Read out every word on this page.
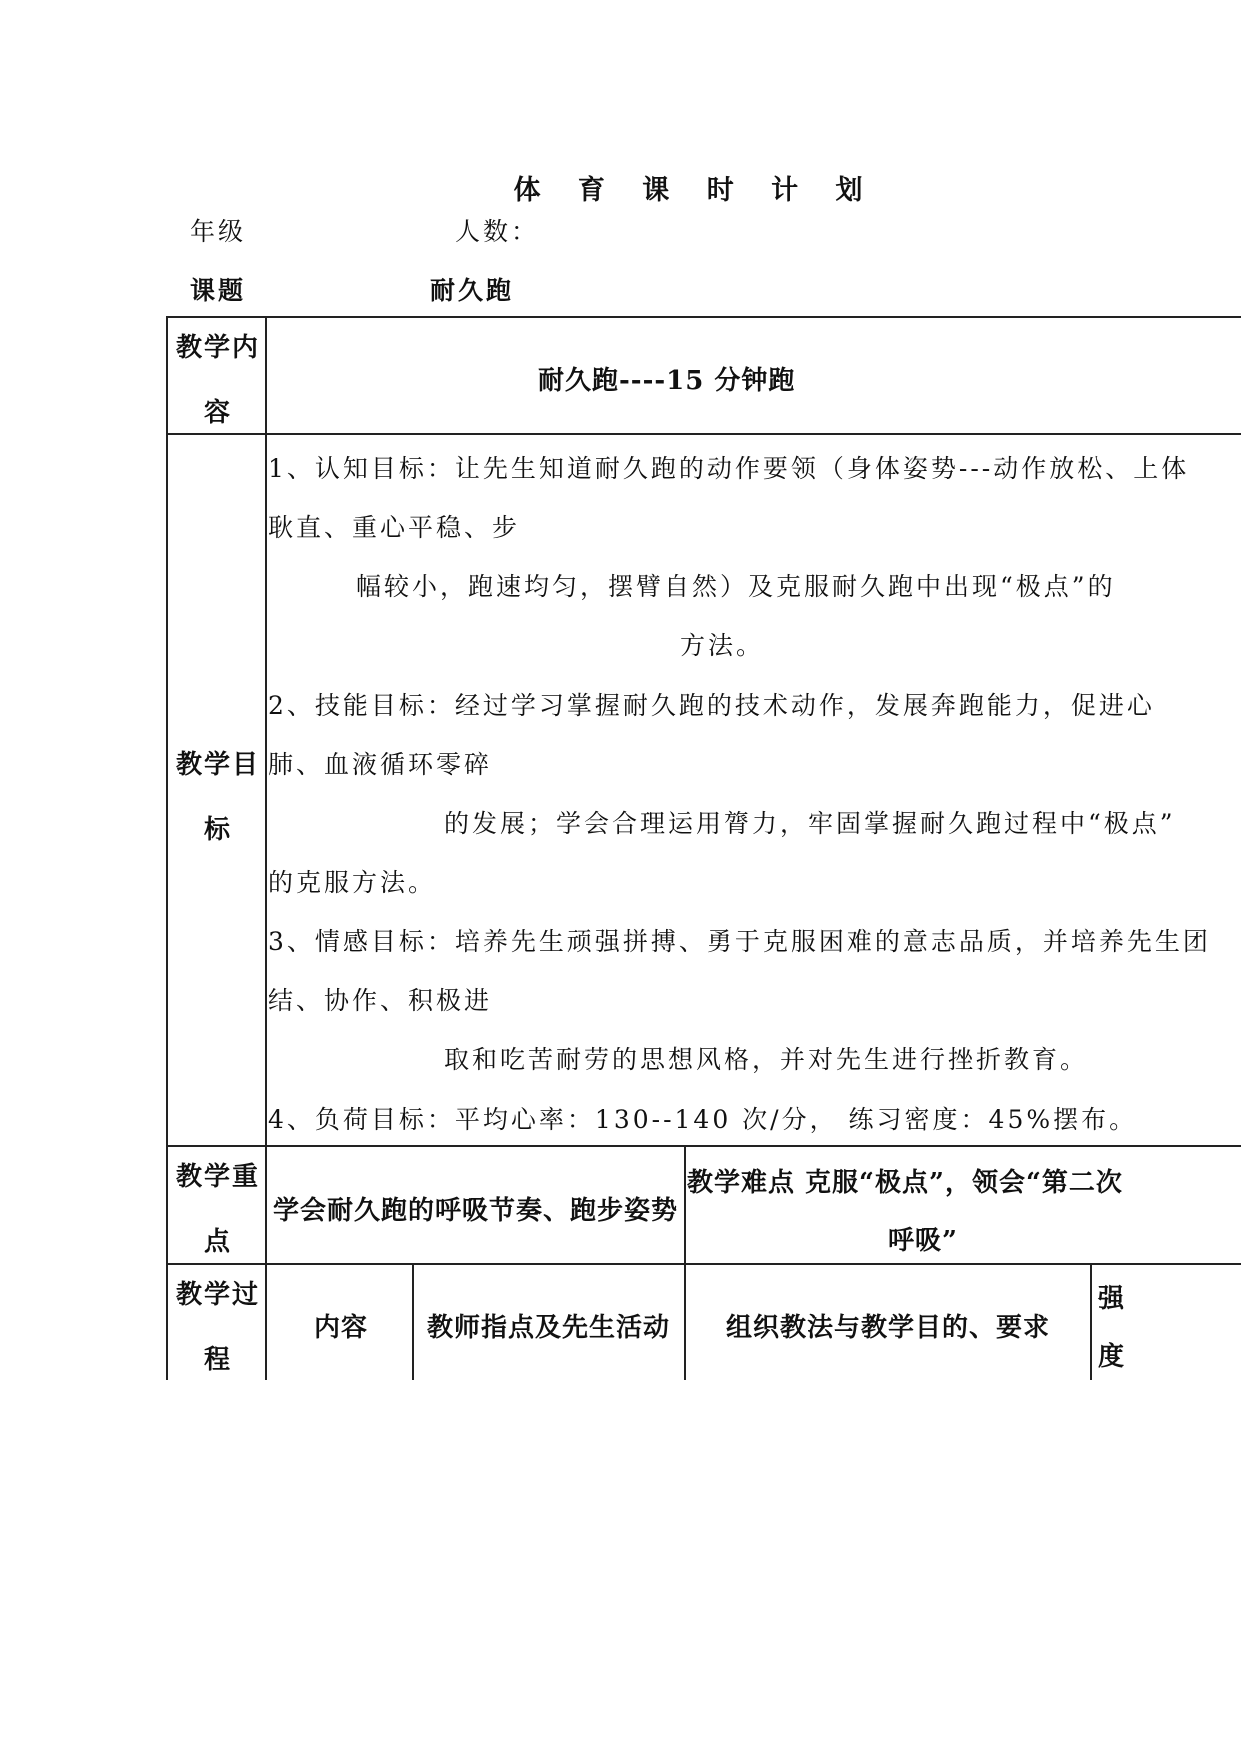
体 育 课 时 计 划
年级	人数：
课题	耐久跑
教学内
容
耐久跑----15 分钟跑
教学目
标
1、认知目标：让先生知道耐久跑的动作要领（身体姿势---动作放松、上体
耿直、重心平稳、步
幅较小，跑速均匀，摆臂自然）及克服耐久跑中出现“极点”的
方法。
2、技能目标：经过学习掌握耐久跑的技术动作，发展奔跑能力，促进心
肺、血液循环零碎
的发展；学会合理运用膂力，牢固掌握耐久跑过程中“极点”
的克服方法。
3、情感目标：培养先生顽强拼搏、勇于克服困难的意志品质，并培养先生团
结、协作、积极进
取和吃苦耐劳的思想风格，并对先生进行挫折教育。
4、负荷目标：平均心率：130--140 次/分， 练习密度：45%摆布。
教学重
点
学会耐久跑的呼吸节奏、跑步姿势
教学难点 克服“极点”，领会“第二次
呼吸”
教学过
程
内容 教师指点及先生活动 组织教法与教学目的、要求
强
度
